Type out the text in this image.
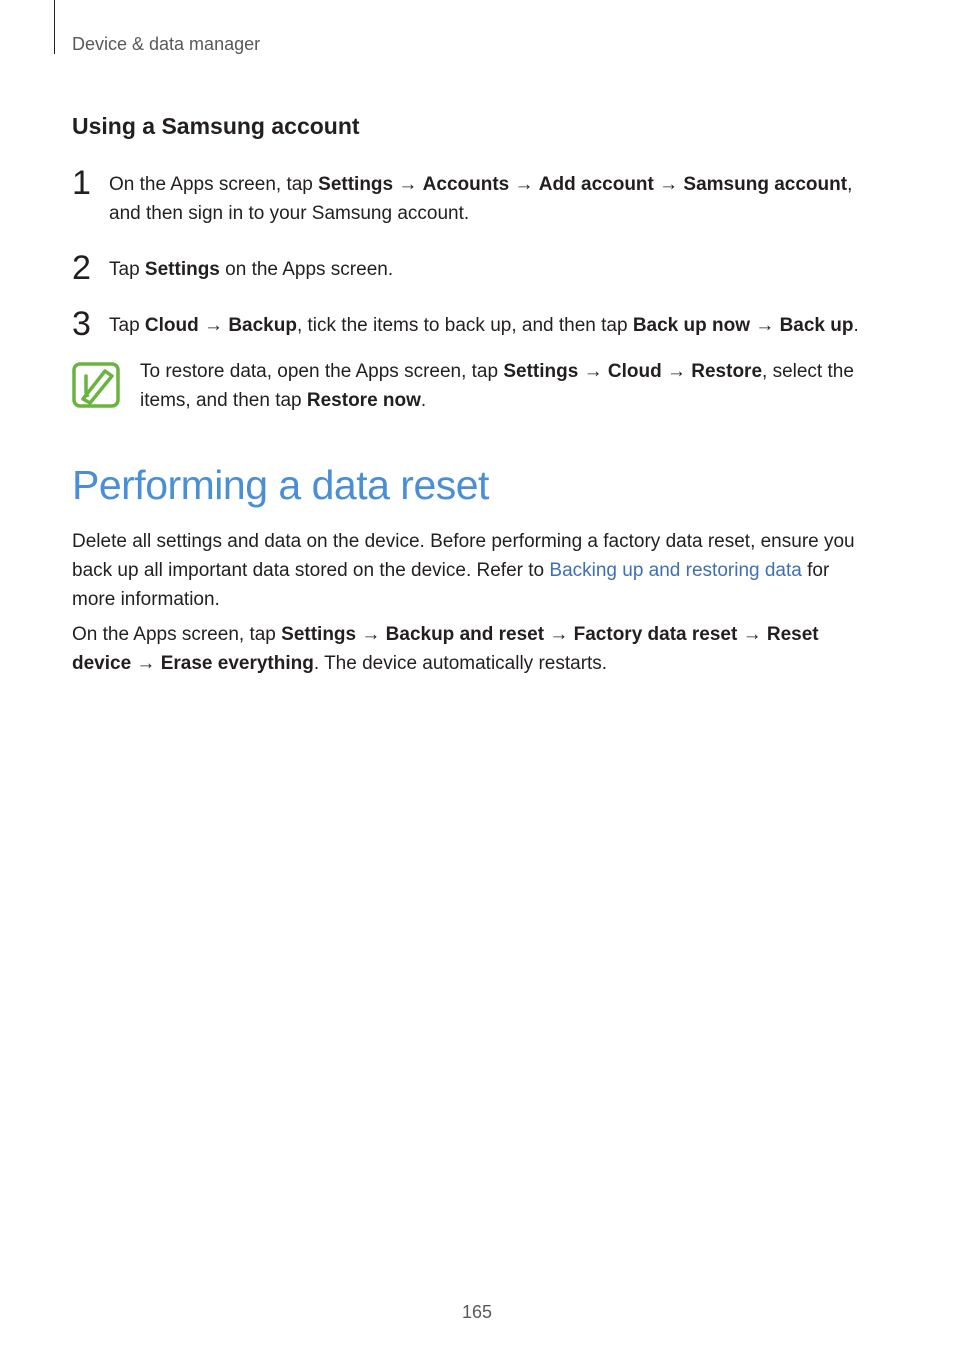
Device & data manager
Using a Samsung account
1 On the Apps screen, tap Settings → Accounts → Add account → Samsung account, and then sign in to your Samsung account.
2 Tap Settings on the Apps screen.
3 Tap Cloud → Backup, tick the items to back up, and then tap Back up now → Back up.
To restore data, open the Apps screen, tap Settings → Cloud → Restore, select the items, and then tap Restore now.
Performing a data reset

Delete all settings and data on the device. Before performing a factory data reset, ensure you back up all important data stored on the device. Refer to Backing up and restoring data for more information.

On the Apps screen, tap Settings → Backup and reset → Factory data reset → Reset device → Erase everything. The device automatically restarts.

165
